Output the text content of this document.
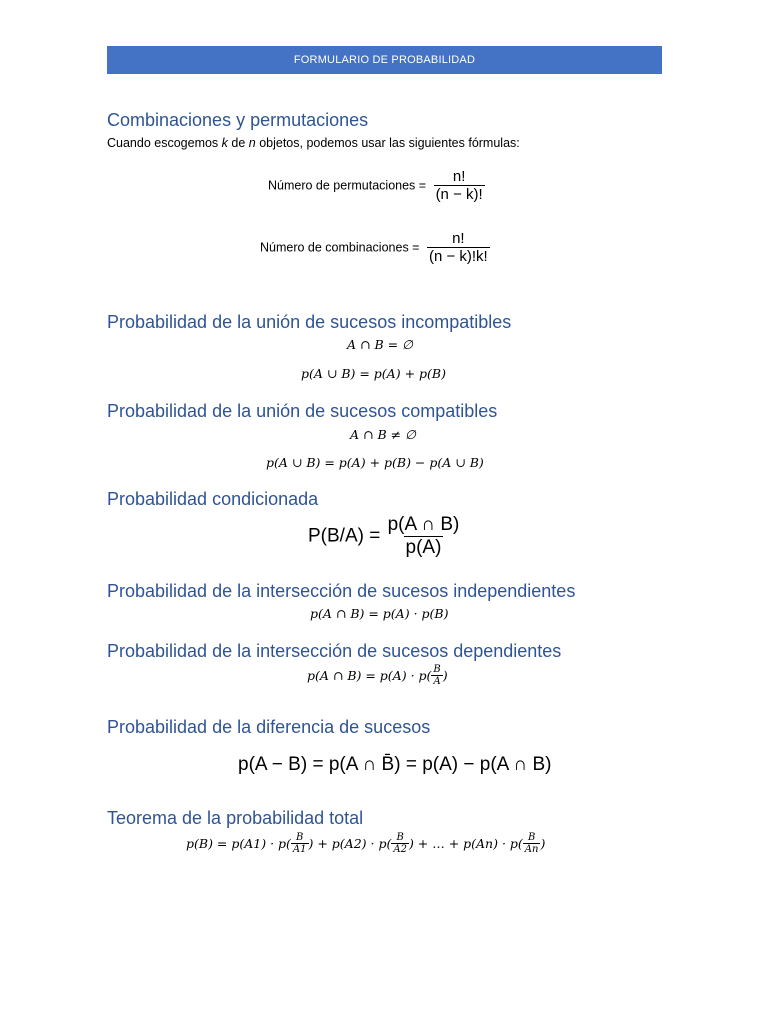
FORMULARIO DE PROBABILIDAD
Combinaciones y permutaciones
Cuando escogemos k de n objetos, podemos usar las siguientes fórmulas:
Número de permutaciones = $\frac{n!}{(n - k)!}$
Número de combinaciones = $\frac{n!}{(n - k)!k!}$
Probabilidad de la unión de sucesos incompatibles
A ∩ B = ∅
p(A ∪ B) = p(A) + p(B)
Probabilidad de la unión de sucesos compatibles
A ∩ B ≠ ∅
p(A ∪ B) = p(A) + p(B) − p(A ∪ B)
Probabilidad condicionada
$P(B/A) = \frac{p(A \cap B)}{p(A)}$
Probabilidad de la intersección de sucesos independientes
p(A ∩ B) = p(A) · p(B)
Probabilidad de la intersección de sucesos dependientes
p(A ∩ $B) = p(A) \cdot p( \frac{B}{A}$ )
Probabilidad de la diferencia de sucesos
p(A − B) = p(A ∩ B̄) = p(A) − p(A ∩ B)
Teorema de la probabilidad total
$p(B) = p(A1) \cdot p( \frac{B}{A1}$ ) + $p(A2) \cdot p( \frac{B}{A2}$ ) + … + $p(An) \cdot p( \frac{B}{An}$ )
